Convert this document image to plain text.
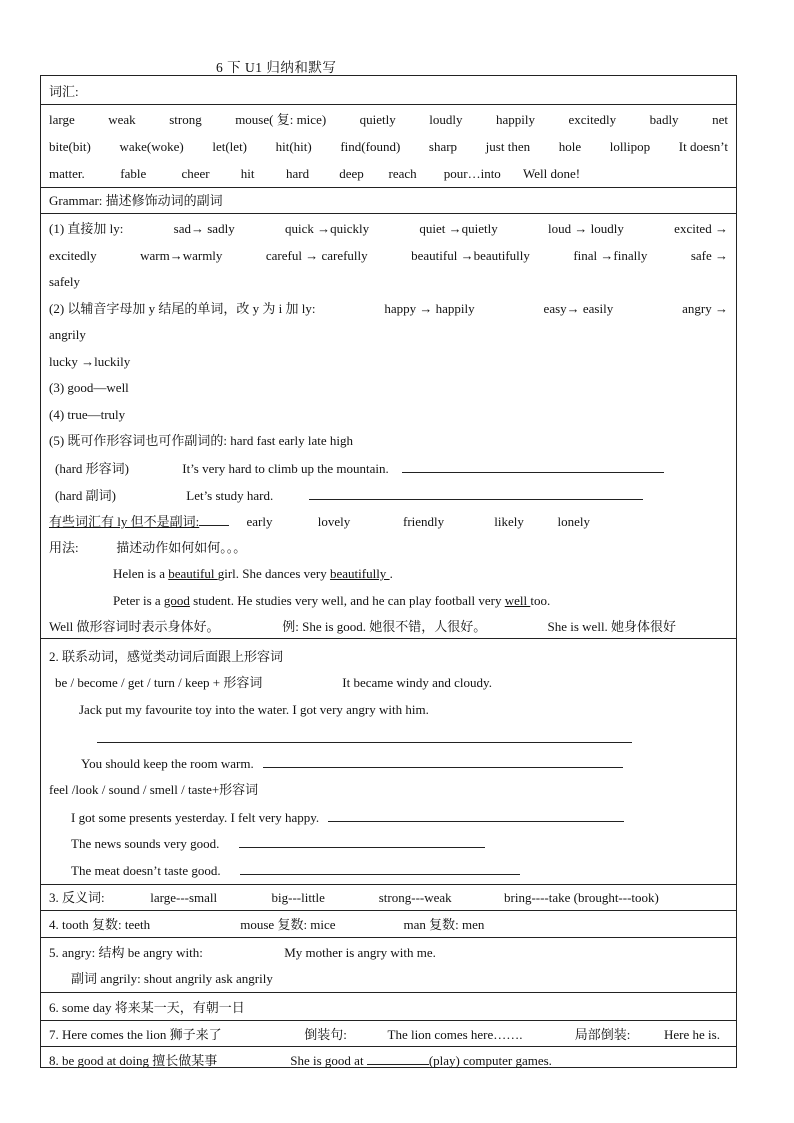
6 下 U1 归纳和默写
词汇:
large	weak	strong	mouse( 复: mice)	quietly	loudly	happily	excitedly	badly	net
bite(bit) wake(woke) let(let) hit(hit) find(found) sharp just then hole lollipop It doesn’t
matter.	fable	cheer hit hard deep reach pour…into Well done!
Grammar: 描述修饰动词的副词
(1) 直接加 ly:	sad→ sadly	quick →quickly	quiet →quietly	loud → loudly	excited →
excitedly	warm→warmly	careful → carefully	beautiful →beautifully	final →finally	safe →
safely
(2) 以辅音字母加 y 结尾的单词，改 y 为 i 加 ly:	happy → happily	easy→ easily	angry →
angrily
lucky →luckily
(3) good—well
(4) true—truly
(5) 既可作形容词也可作副词的: hard fast early late high
(hard 形容词)	It’s very hard to climb up the mountain.
(hard 副词)	Let’s study hard.
有些词汇有 ly 但不是副词:	early	lovely	friendly	likely	lonely
用法:	描述动作如何如何。。。
Helen is a beautiful girl. She dances very beautifully .
Peter is a good student. He studies very well, and he can play football very well too.
Well 做形容词时表示身体好。	例: She is good. 她很不错，人很好。	She is well. 她身体很好
2. 联系动词，感觉类动词后面跟上形容词
be / become / get / turn / keep + 形容词	It became windy and cloudy.
Jack put my favourite toy into the water. I got very angry with him.
You should keep the room warm.
feel /look / sound / smell / taste+形容词
I got some presents yesterday. I felt very happy.
The news sounds very good.
The meat doesn’t taste good.
3. 反义词:	large---small	big---little	strong---weak	bring----take (brought---took)
4. tooth 复数: teeth	mouse 复数: mice	man 复数: men
5. angry: 结构 be angry with:	My mother is angry with me.
副词 angrily: shout angrily ask angrily
6. some day 将来某一天，有朝一日
7. Here comes the lion 狮子来了	倒装句:	The lion comes here…….	局部倒装:	Here he is.
8. be good at doing 擅长做某事	She is good at	(play) computer games.
